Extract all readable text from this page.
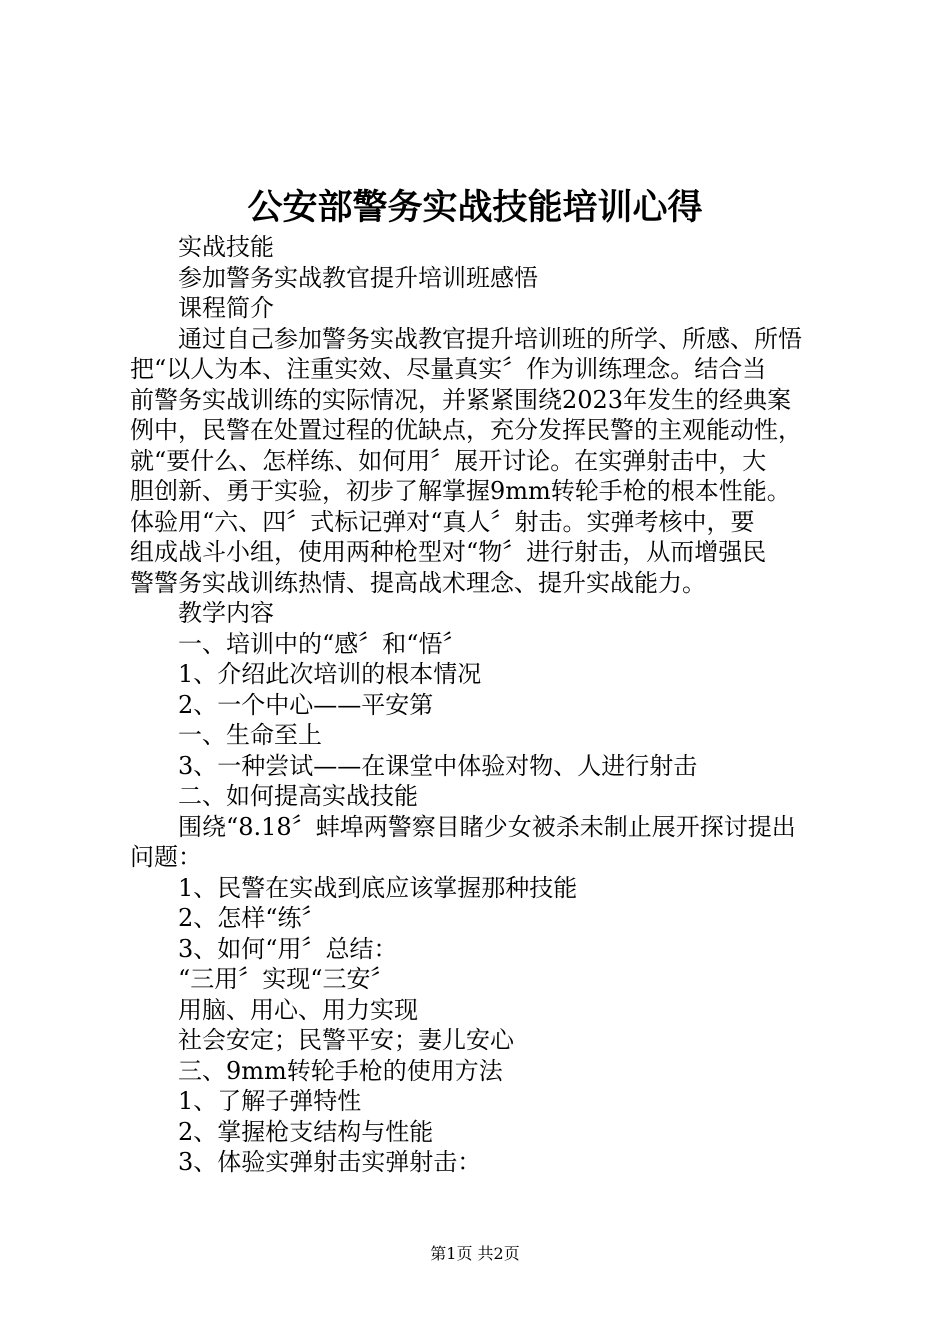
公安部警务实战技能培训心得
实战技能
参加警务实战教官提升培训班感悟
课程简介
通过自己参加警务实战教官提升培训班的所学、所感、所悟
把“以人为本、注重实效、尽量真实〞作为训练理念。结合当
前警务实战训练的实际情况，并紧紧围绕2023年发生的经典案
例中，民警在处置过程的优缺点，充分发挥民警的主观能动性，
就“要什么、怎样练、如何用〞展开讨论。在实弹射击中，大
胆创新、勇于实验，初步了解掌握9mm转轮手枪的根本性能。
体验用“六、四〞式标记弹对“真人〞射击。实弹考核中，要
组成战斗小组，使用两种枪型对“物〞进行射击，从而增强民
警警务实战训练热情、提高战术理念、提升实战能力。
教学内容
一、培训中的“感〞和“悟〞
1、介绍此次培训的根本情况
2、一个中心——平安第
一、生命至上
3、一种尝试——在课堂中体验对物、人进行射击
二、如何提高实战技能
围绕“8.18〞蚌埠两警察目睹少女被杀未制止展开探讨提出
问题：
1、民警在实战到底应该掌握那种技能
2、怎样“练〞
3、如何“用〞总结：
“三用〞实现“三安〞
用脑、用心、用力实现
社会安定；民警平安；妻儿安心
三、9mm转轮手枪的使用方法
1、了解子弹特性
2、掌握枪支结构与性能
3、体验实弹射击实弹射击：
第1页 共2页
